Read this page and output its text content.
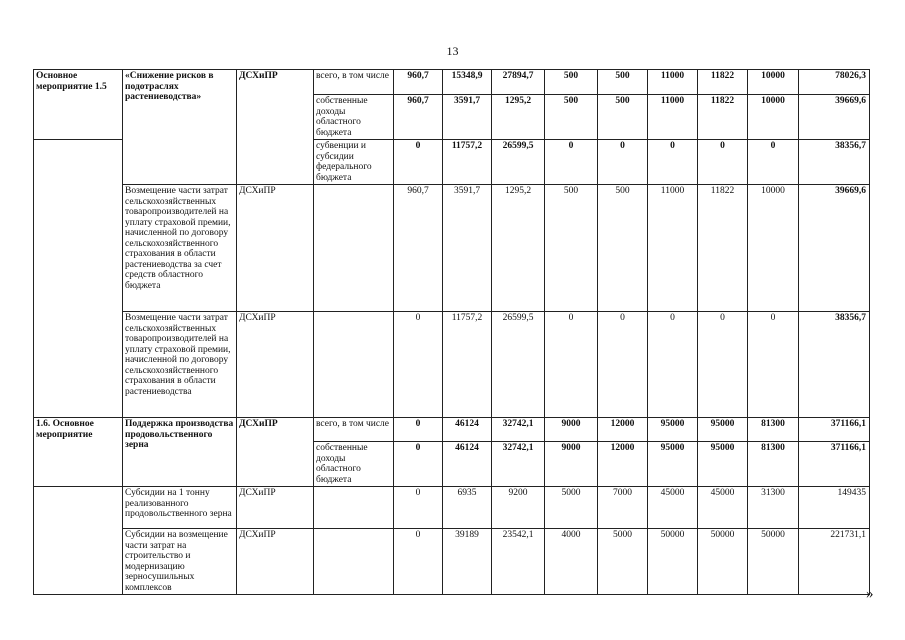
13
Основное мероприятие 1.5	«Снижение рисков в подотраслях растениеводства»	ДСХиПР	всего, в том числе	960,7	15348,9	27894,7	500	500	11000	11822	10000	78026,3
			собственные доходы областного бюджета	960,7	3591,7	1295,2	500	500	11000	11822	10000	39669,6
			субвенции и субсидии федерального бюджета	0	11757,2	26599,5	0	0	0	0	0	38356,7
	Возмещение части затрат сельскохозяйственных товаропроизводителей на уплату страховой премии, начисленной по договору сельскохозяйственного страхования в области растениеводства за счет средств областного бюджета	ДСХиПР		960,7	3591,7	1295,2	500	500	11000	11822	10000	39669,6
	Возмещение части затрат сельскохозяйственных товаропроизводителей на уплату страховой премии, начисленной по договору сельскохозяйственного страхования в области растениеводства	ДСХиПР		0	11757,2	26599,5	0	0	0	0	0	38356,7
1.6. Основное мероприятие	Поддержка производства продовольственного зерна	ДСХиПР	всего, в том числе	0	46124	32742,1	9000	12000	95000	95000	81300	371166,1
			собственные доходы областного бюджета	0	46124	32742,1	9000	12000	95000	95000	81300	371166,1
	Субсидии на 1 тонну реализованного продовольственного зерна	ДСХиПР		0	6935	9200	5000	7000	45000	45000	31300	149435
	Субсидии на возмещение части затрат на строительство и модернизацию зерносушильных комплексов	ДСХиПР		0	39189	23542,1	4000	5000	50000	50000	50000	221731,1
»
